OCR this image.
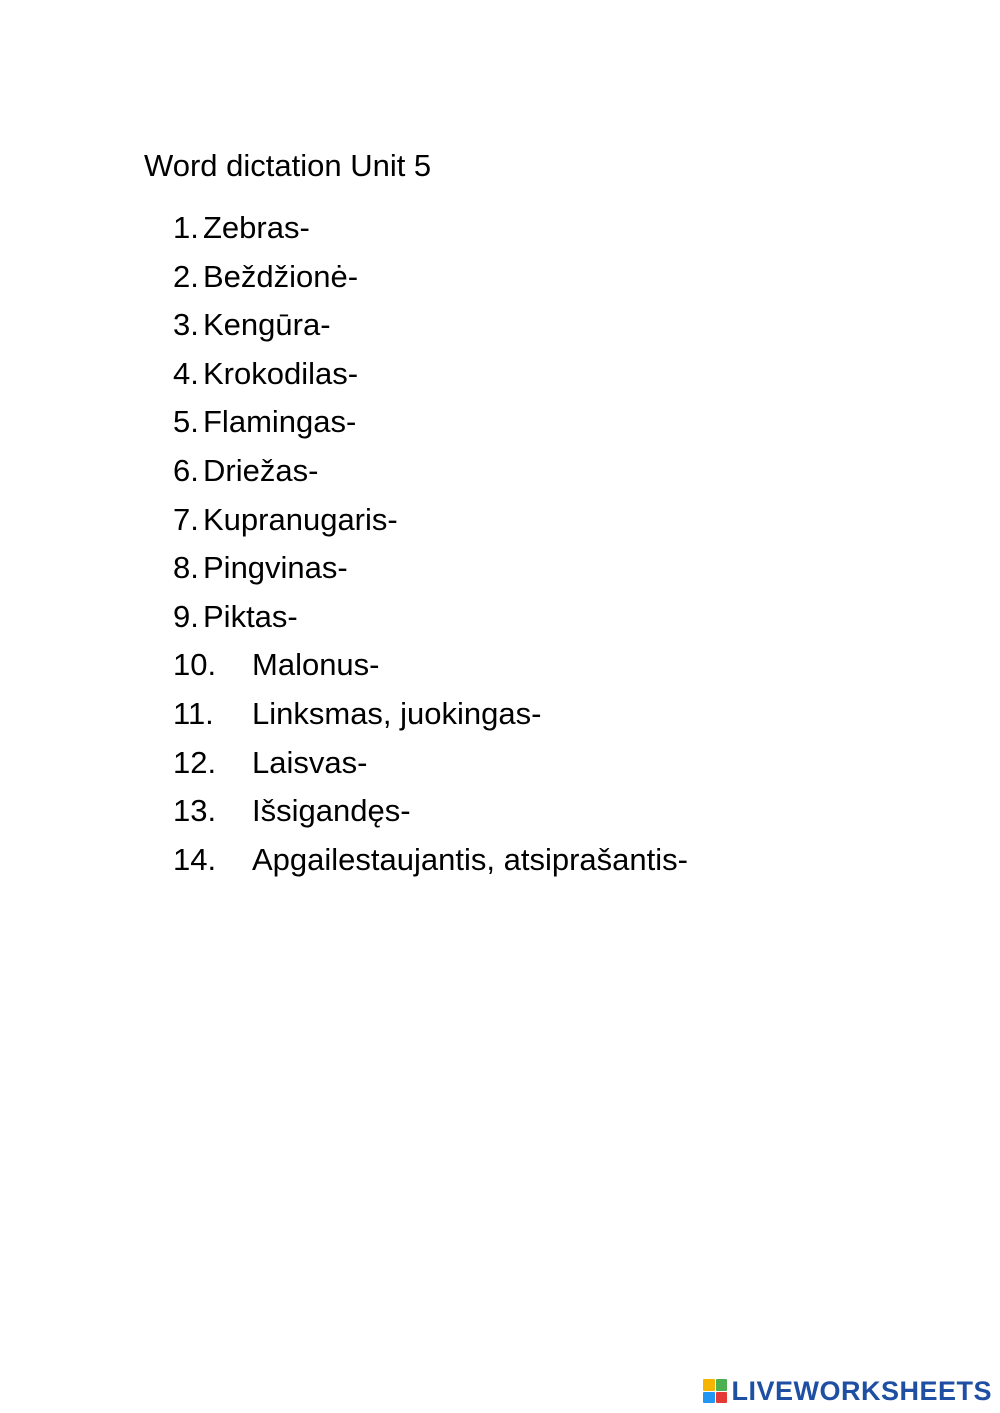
Word dictation Unit 5
1. Zebras-
2. Beždžionė-
3. Kengūra-
4. Krokodilas-
5. Flamingas-
6. Driežas-
7. Kupranugaris-
8. Pingvinas-
9. Piktas-
10. Malonus-
11. Linksmas, juokingas-
12. Laisvas-
13. Išsigandęs-
14. Apgailestaujantis, atsiprašantis-
LIVEWORKSHEETS
